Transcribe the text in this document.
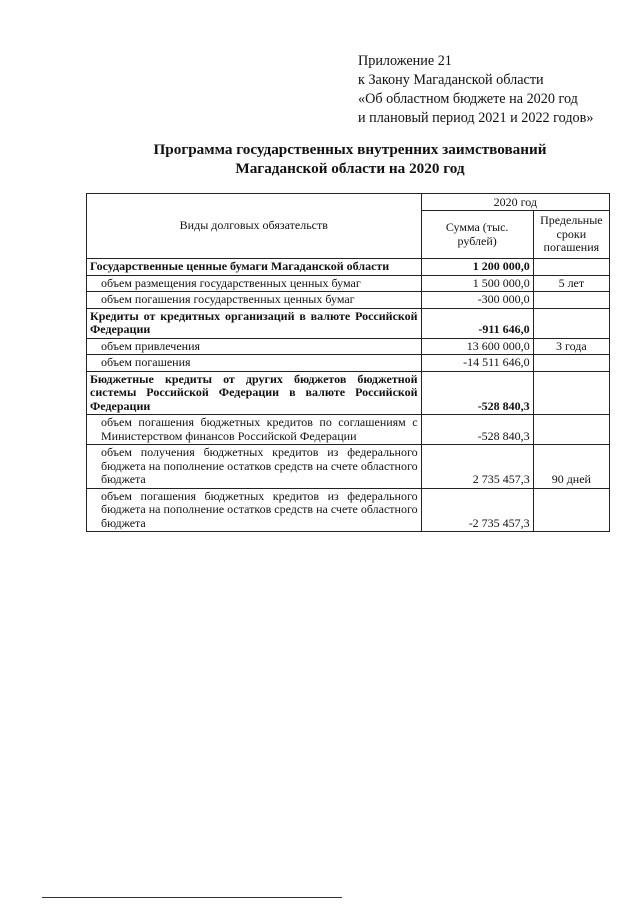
Приложение 21
к Закону Магаданской области
«Об областном бюджете на 2020 год
и плановый период 2021 и 2022 годов»
Программа государственных внутренних заимствований
Магаданской области на 2020 год
Виды долговых обязательств	2020 год	
	Сумма (тыс. рублей)	Предельные сроки погашения
Государственные ценные бумаги Магаданской области	1 200 000,0	
объем размещения государственных ценных бумаг	1 500 000,0	5 лет
объем погашения государственных ценных бумаг	-300 000,0	
Кредиты от кредитных организаций в валюте Российской Федерации	-911 646,0	
объем привлечения	13 600 000,0	3 года
объем погашения	-14 511 646,0	
Бюджетные кредиты от других бюджетов бюджетной системы Российской Федерации в валюте Российской Федерации	-528 840,3	
объем погашения бюджетных кредитов по соглашениям с Министерством финансов Российской Федерации	-528 840,3	
объем получения бюджетных кредитов из федерального бюджета на пополнение остатков средств на счете областного бюджета	2 735 457,3	90 дней
объем погашения бюджетных кредитов из федерального бюджета на пополнение остатков средств на счете областного бюджета	-2 735 457,3	
